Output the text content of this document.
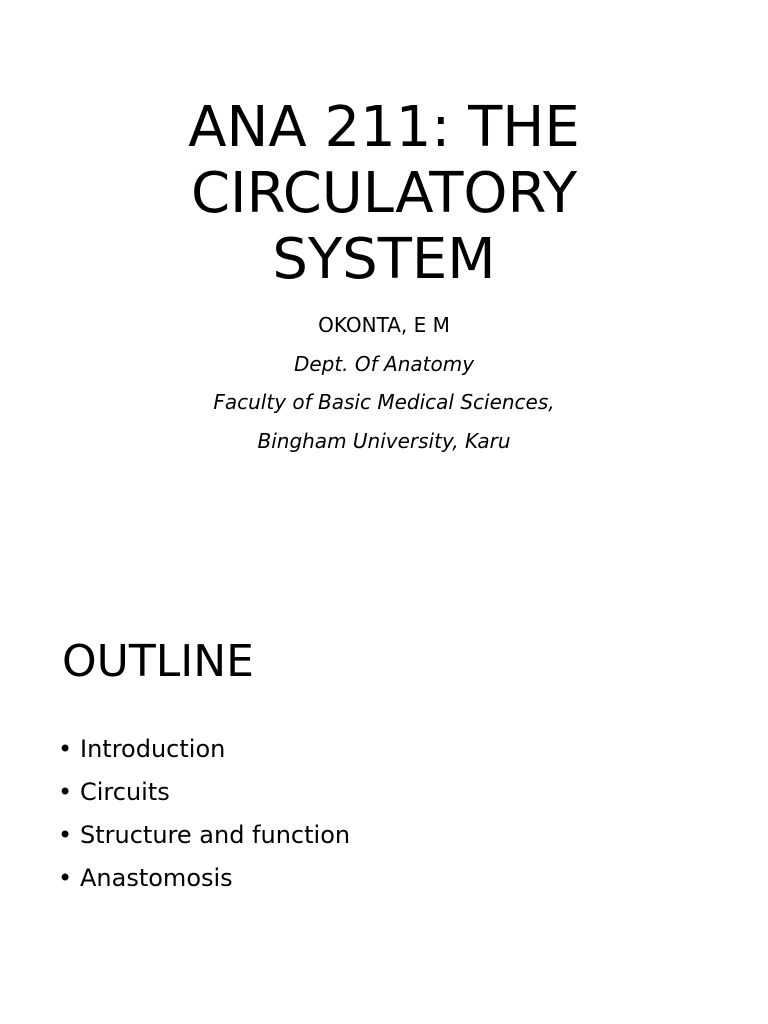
ANA 211: THE
CIRCULATORY
SYSTEM
OKONTA, E M
Dept. Of Anatomy
Faculty of Basic Medical Sciences,
Bingham University, Karu
OUTLINE
• Introduction
• Circuits
• Structure and function
• Anastomosis
